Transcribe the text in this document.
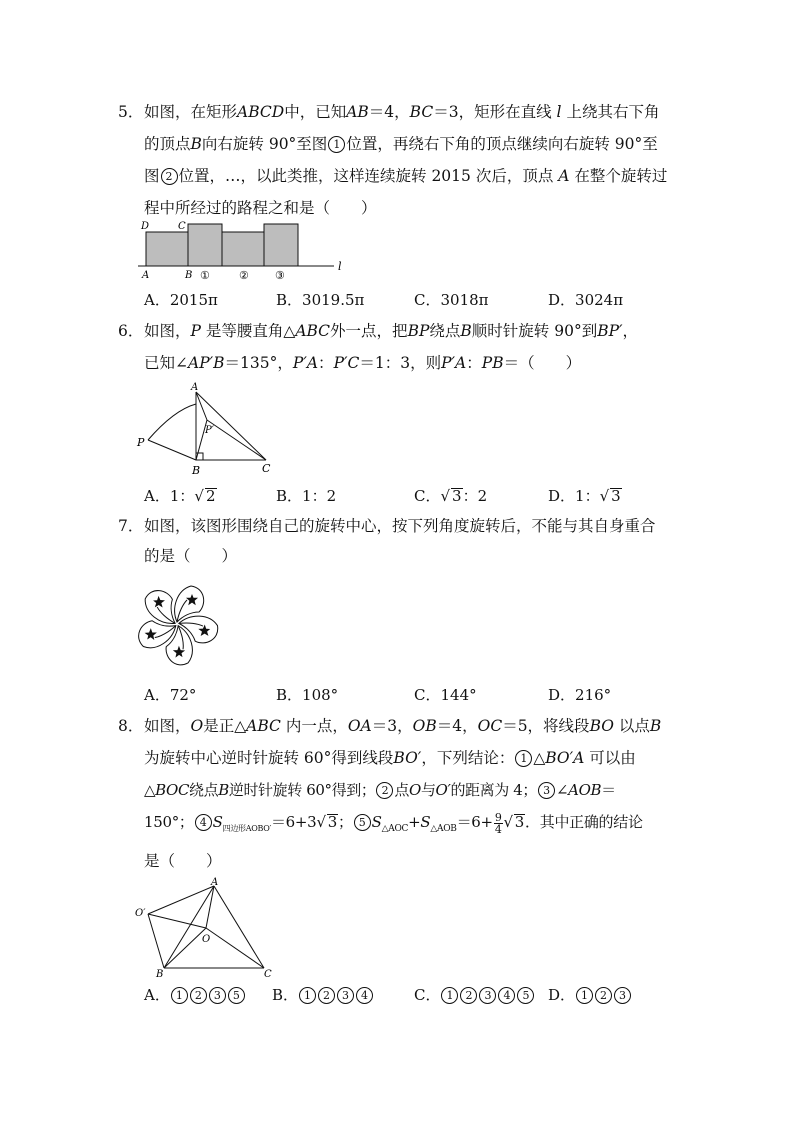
5．如图，在矩形ABCD中，已知AB＝4，BC＝3，矩形在直线 l 上绕其右下角

的顶点B向右旋转 90°至图 1 位置，再绕右下角的顶点继续向右旋转 90°至

图 2 位置，…，以此类推，这样连续旋转 2015 次后，顶点 A 在整个旋转过

程中所经过的路程之和是（　　）

D	C
A	B ①	② ③
l
A．2015π	B．3019.5π	C．3018π	D．3024π

6．如图，P 是等腰直角△ABC外一点，把BP绕点B顺时针旋转 90°到BP′，

已知∠AP′B＝135°，P′A：P′C＝1：3，则P′A：PB＝（　　）

A
P
P′
B	C
A．1：√ 2	B．1：2	C．√ 3：2	D．1：√ 3

7．如图，该图形围绕自己的旋转中心，按下列角度旋转后，不能与其自身重合

的是（　　）

A．72°	B．108°	C．144°	D．216°

8．如图，O是正△ABC 内一点，OA＝3，OB＝4，OC＝5，将线段BO 以点B

为旋转中心逆时针旋转 60°得到线段BO′，下列结论： 1 △BO′A 可以由

△BOC绕点B逆时针旋转 60°得到； 2 点O与O′的距离为 4； 3 ∠AOB＝

150°； 4 $S_{四边形AOBO'}=6+3√$ 3； 5 $S_{\triangle AOC}+S_{\triangle AOB}=6+ \frac{9}{4}$ √ 3．其中正确的结论

是（　　）

A
O′
O
B	C
A． 1 2 3 5	B． 1 2 3 4	C． 1 2 3 4 5	D． 1 2 3
